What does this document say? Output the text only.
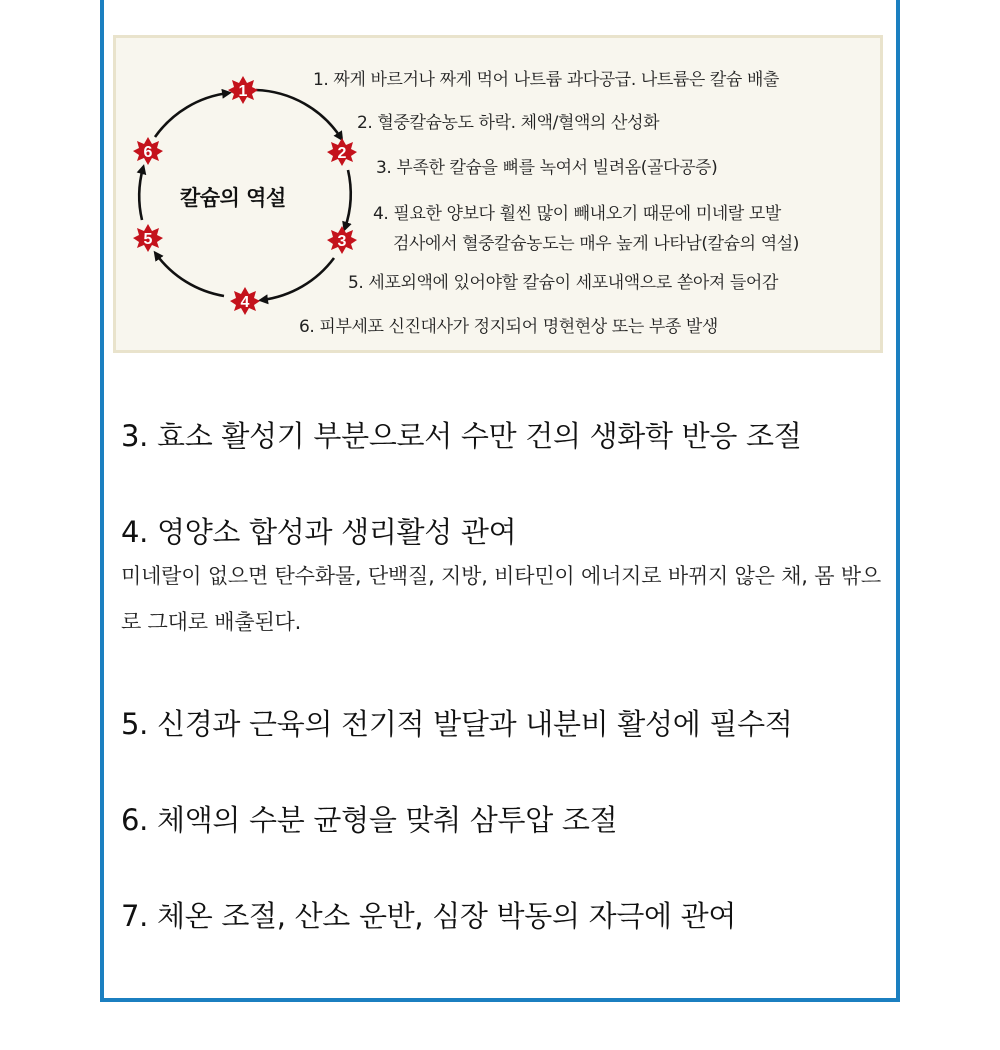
1
2
3
4
5
6
칼슘의 역설
1. 짜게 바르거나 짜게 먹어 나트륨 과다공급. 나트륨은 칼슘 배출
2. 혈중칼슘농도 하락. 체액/혈액의 산성화
3. 부족한 칼슘을 뼈를 녹여서 빌려옴(골다공증)
4. 필요한 양보다 훨씬 많이 빼내오기 때문에 미네랄 모발
검사에서 혈중칼슘농도는 매우 높게 나타남(칼슘의 역설)
5. 세포외액에 있어야할 칼슘이 세포내액으로 쏟아져 들어감
6. 피부세포 신진대사가 정지되어 명현현상 또는 부종 발생
3. 효소 활성기 부분으로서 수만 건의 생화학 반응 조절
4. 영양소 합성과 생리활성 관여
미네랄이 없으면 탄수화물, 단백질, 지방, 비타민이 에너지로 바뀌지 않은 채, 몸 밖으로 그대로 배출된다.
5. 신경과 근육의 전기적 발달과 내분비 활성에 필수적
6. 체액의 수분 균형을 맞춰 삼투압 조절
7. 체온 조절, 산소 운반, 심장 박동의 자극에 관여
